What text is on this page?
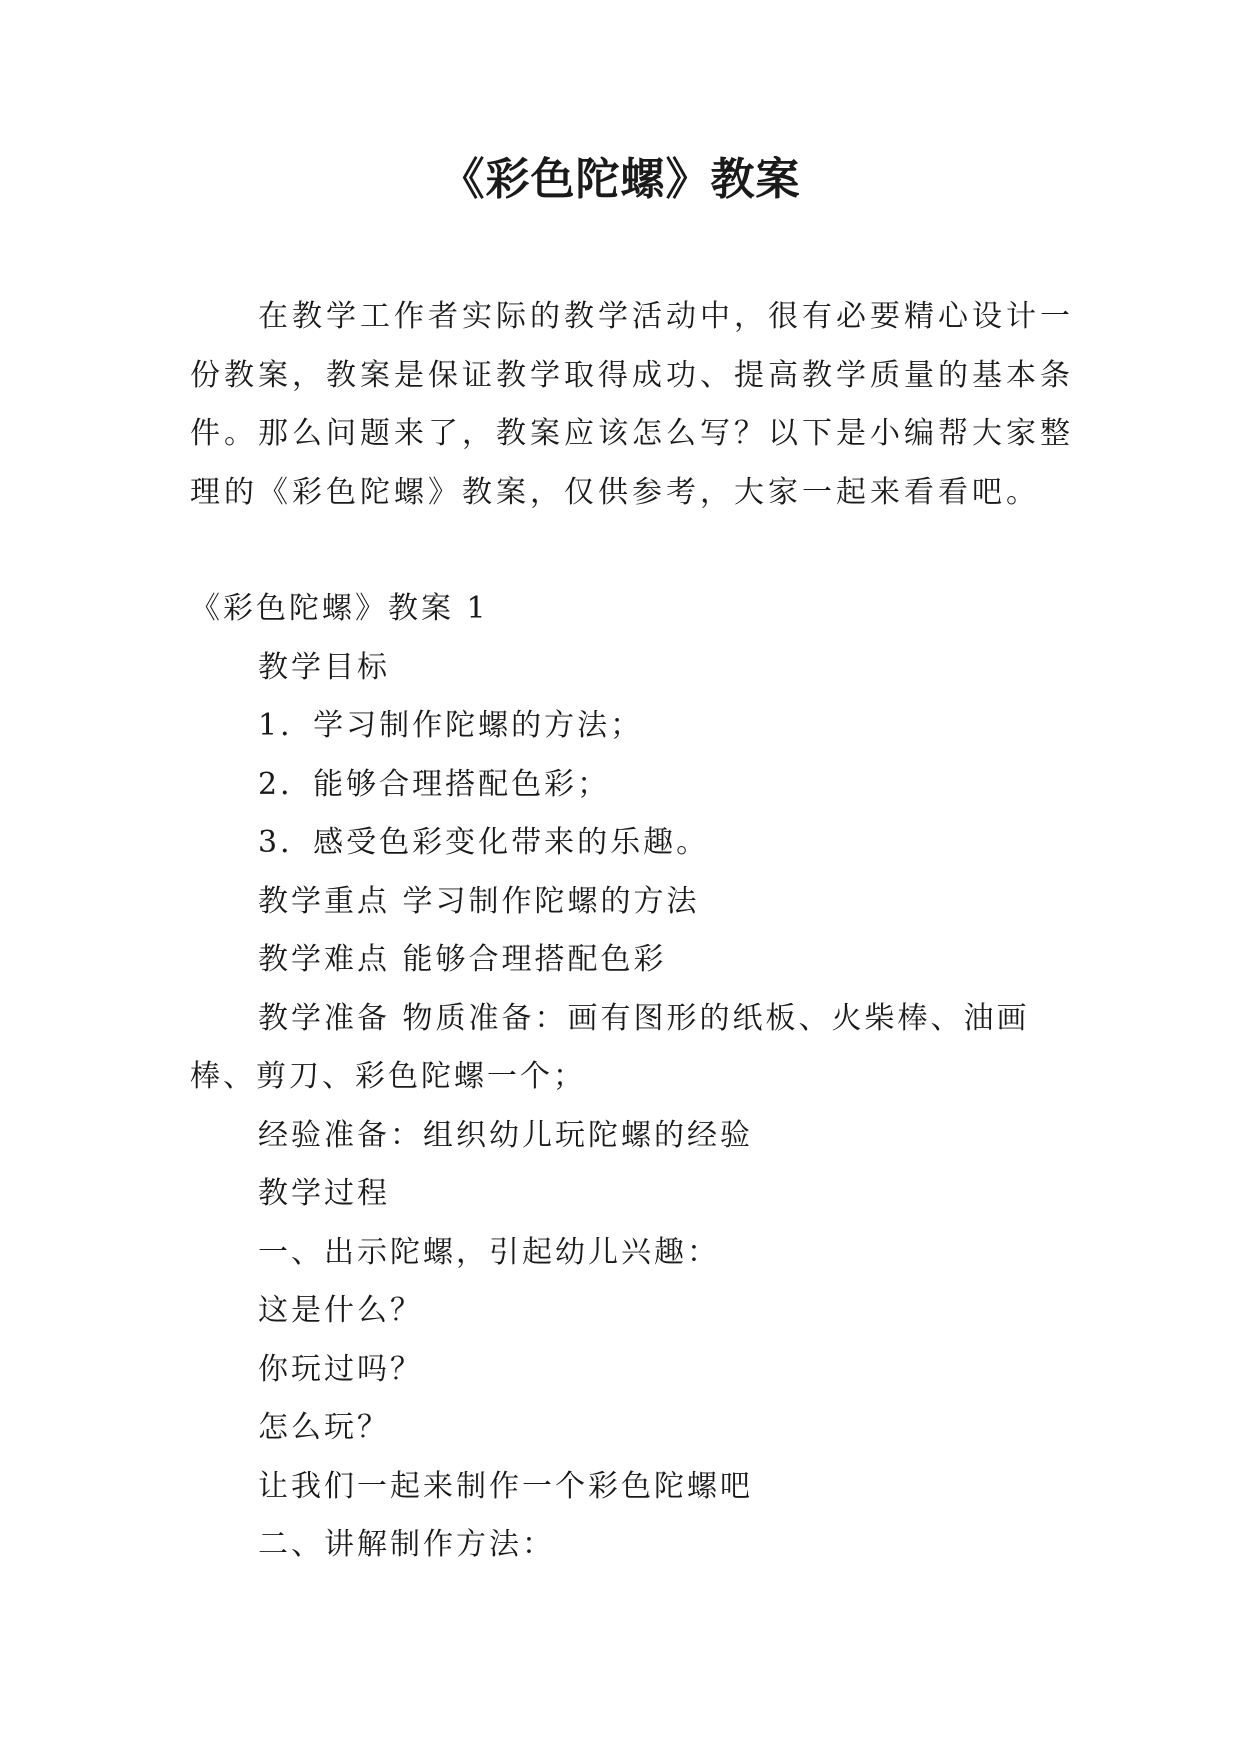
《彩色陀螺》教案
在教学工作者实际的教学活动中，很有必要精心设计一
份教案，教案是保证教学取得成功、提高教学质量的基本条
件。那么问题来了，教案应该怎么写？以下是小编帮大家整
理的《彩色陀螺》教案，仅供参考，大家一起来看看吧。
《彩色陀螺》教案 1
教学目标
1．学习制作陀螺的方法；
2．能够合理搭配色彩；
3．感受色彩变化带来的乐趣。
教学重点 学习制作陀螺的方法
教学难点 能够合理搭配色彩
教学准备 物质准备：画有图形的纸板、火柴棒、油画
棒、剪刀、彩色陀螺一个；
经验准备：组织幼儿玩陀螺的经验
教学过程
一、出示陀螺，引起幼儿兴趣：
这是什么？
你玩过吗？
怎么玩？
让我们一起来制作一个彩色陀螺吧
二、讲解制作方法：
